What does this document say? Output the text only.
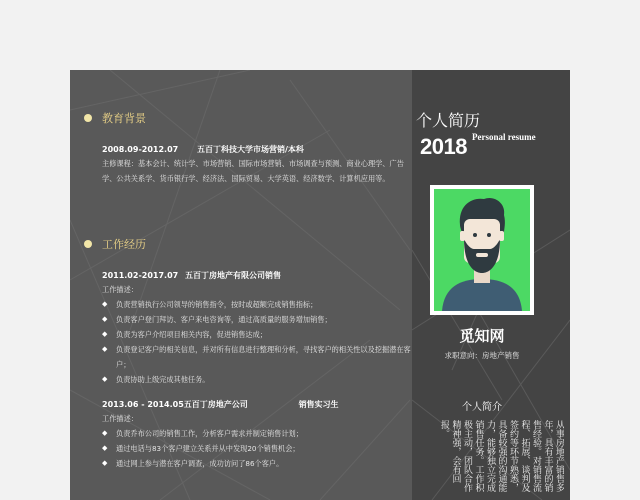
教育背景
2008.09-2012.07 五百丁科技大学市场营销/本科
主修课程：基本会计、统计学、市场营销、国际市场营销、市场调查与预测、商业心理学、广告学、公共关系学、货币银行学、经济法、国际贸易、大学英语、经济数学、计算机应用等。
工作经历
2011.02-2017.07 五百丁房地产有限公司销售
工作描述：
◆	负责营销执行公司领导的销售指令，按时或超额完成销售指标；
◆	负责客户登门拜访、客户来电咨询等，通过高质量的服务增加销售；
◆	负责为客户介绍项目相关内容，促进销售达成；
◆	负责登记客户的相关信息，并对所有信息进行整理和分析，寻找客户的相关性以及挖掘潜在客户；
◆	负责协助上级完成其他任务。
2013.06 - 2014.05五百丁房地产公司	销售实习生
工作描述：
◆	负责乔布公司的销售工作，分析客户需求并制定销售计划；
◆	通过电话与83个客户建立关系并从中发现20个销售机会；
◆	通过网上参与潜在客户调查，成功访问了86个客户。
个人简历
2018 Personal resume
觅知网
求职意向：房地产销售
个人简介
从事房地产销售多年，具有丰富的销售经验。对销售流程、拓展、谈判及签约等环节熟悉，具备较强的沟通能力，能够独立完成销售任务。工作积极主动，团队合作精神强，会有回报。
